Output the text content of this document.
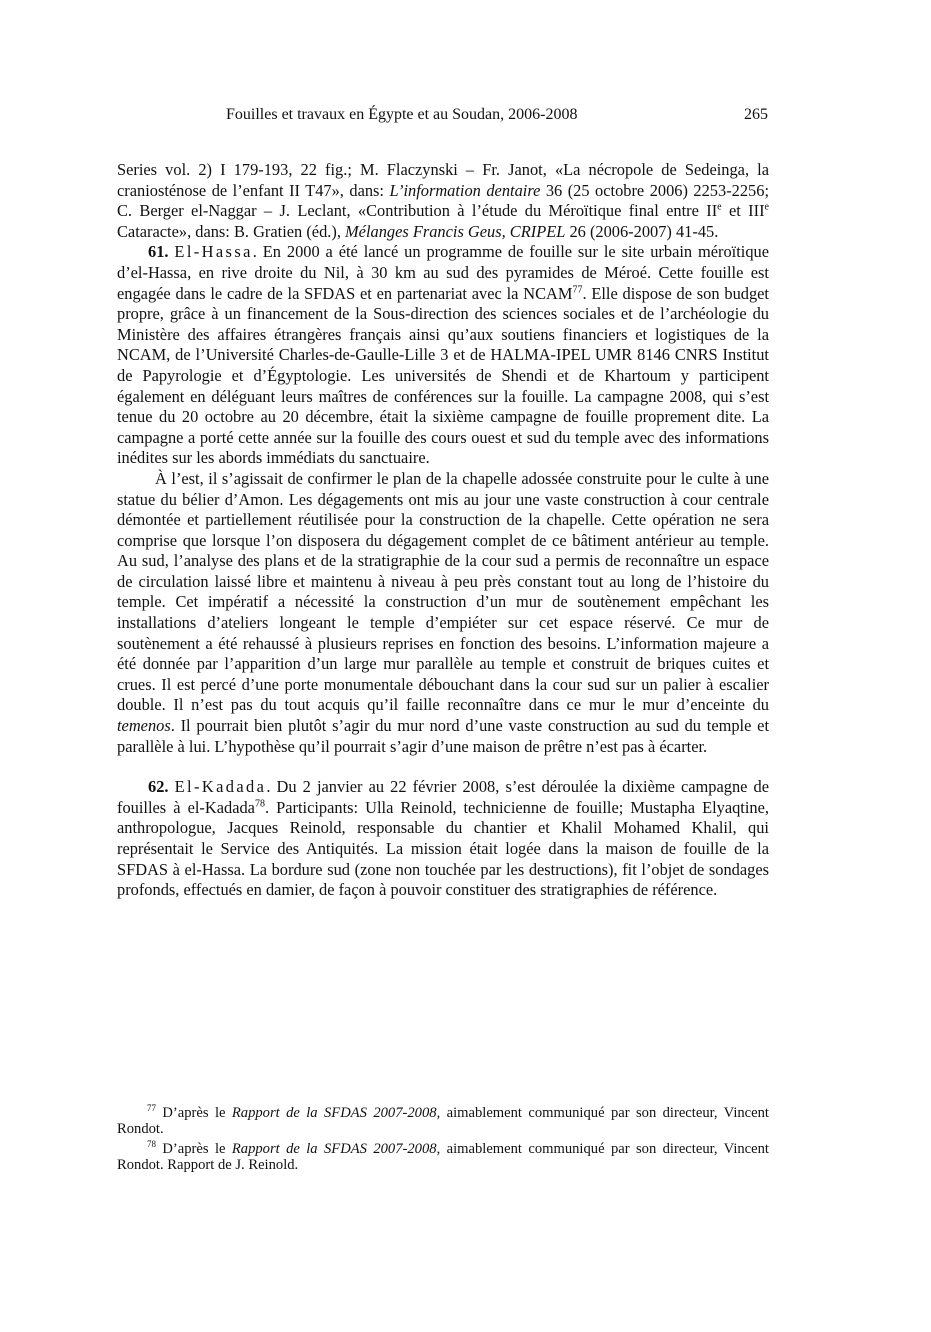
Fouilles et travaux en Égypte et au Soudan, 2006-2008	265

Series vol. 2) I 179-193, 22 fig.; M. Flaczynski – Fr. Janot, «La nécropole de Sedeinga, la craniosténose de l’enfant II T47», dans: L’information dentaire 36 (25 octobre 2006) 2253-2256; C. Berger el-Naggar – J. Leclant, «Contribution à l’étude du Méroïtique final entre IIe et IIIe Cataracte», dans: B. Gratien (éd.), Mélanges Francis Geus, CRIPEL 26 (2006-2007) 41-45.

61. El-Hassa. En 2000 a été lancé un programme de fouille sur le site urbain méroïtique d’el-Hassa, en rive droite du Nil, à 30 km au sud des pyramides de Méroé. Cette fouille est engagée dans le cadre de la SFDAS et en partenariat avec la NCAM$^{77}$. Elle dispose de son budget propre, grâce à un financement de la Sous-direction des sciences sociales et de l’archéologie du Ministère des affaires étrangères français ainsi qu’aux soutiens financiers et logistiques de la NCAM, de l’Université Charles-de-Gaulle-Lille 3 et de HALMA-IPEL UMR 8146 CNRS Institut de Papyrologie et d’Égyptologie. Les universités de Shendi et de Khartoum y participent également en déléguant leurs maîtres de conférences sur la fouille. La campagne 2008, qui s’est tenue du 20 octobre au 20 décembre, était la sixième campagne de fouille proprement dite. La campagne a porté cette année sur la fouille des cours ouest et sud du temple avec des informations inédites sur les abords immédiats du sanctuaire.

À l’est, il s’agissait de confirmer le plan de la chapelle adossée construite pour le culte à une statue du bélier d’Amon. Les dégagements ont mis au jour une vaste construction à cour centrale démontée et partiellement réutilisée pour la construction de la chapelle. Cette opération ne sera comprise que lorsque l’on disposera du dégagement complet de ce bâtiment antérieur au temple. Au sud, l’analyse des plans et de la stratigraphie de la cour sud a permis de reconnaître un espace de circulation laissé libre et maintenu à niveau à peu près constant tout au long de l’histoire du temple. Cet impératif a nécessité la construction d’un mur de soutènement empêchant les installations d’ateliers longeant le temple d’empiéter sur cet espace réservé. Ce mur de soutènement a été rehaussé à plusieurs reprises en fonction des besoins. L’information majeure a été donnée par l’apparition d’un large mur parallèle au temple et construit de briques cuites et crues. Il est percé d’une porte monumentale débouchant dans la cour sud sur un palier à escalier double. Il n’est pas du tout acquis qu’il faille reconnaître dans ce mur le mur d’enceinte du temenos. Il pourrait bien plutôt s’agir du mur nord d’une vaste construction au sud du temple et parallèle à lui. L’hypothèse qu’il pourrait s’agir d’une maison de prêtre n’est pas à écarter.

62. El-Kadada. Du 2 janvier au 22 février 2008, s’est déroulée la dixième campagne de fouilles à el-Kadada$^{78}$. Participants: Ulla Reinold, technicienne de fouille; Mustapha Elyaqtine, anthropologue, Jacques Reinold, responsable du chantier et Khalil Mohamed Khalil, qui représentait le Service des Antiquités. La mission était logée dans la maison de fouille de la SFDAS à el-Hassa. La bordure sud (zone non touchée par les destructions), fit l’objet de sondages profonds, effectués en damier, de façon à pouvoir constituer des stratigraphies de référence.

$^{77}$ D’après le Rapport de la SFDAS 2007-2008, aimablement communiqué par son directeur, Vincent Rondot.

$^{78}$ D’après le Rapport de la SFDAS 2007-2008, aimablement communiqué par son directeur, Vincent Rondot. Rapport de J. Reinold.
